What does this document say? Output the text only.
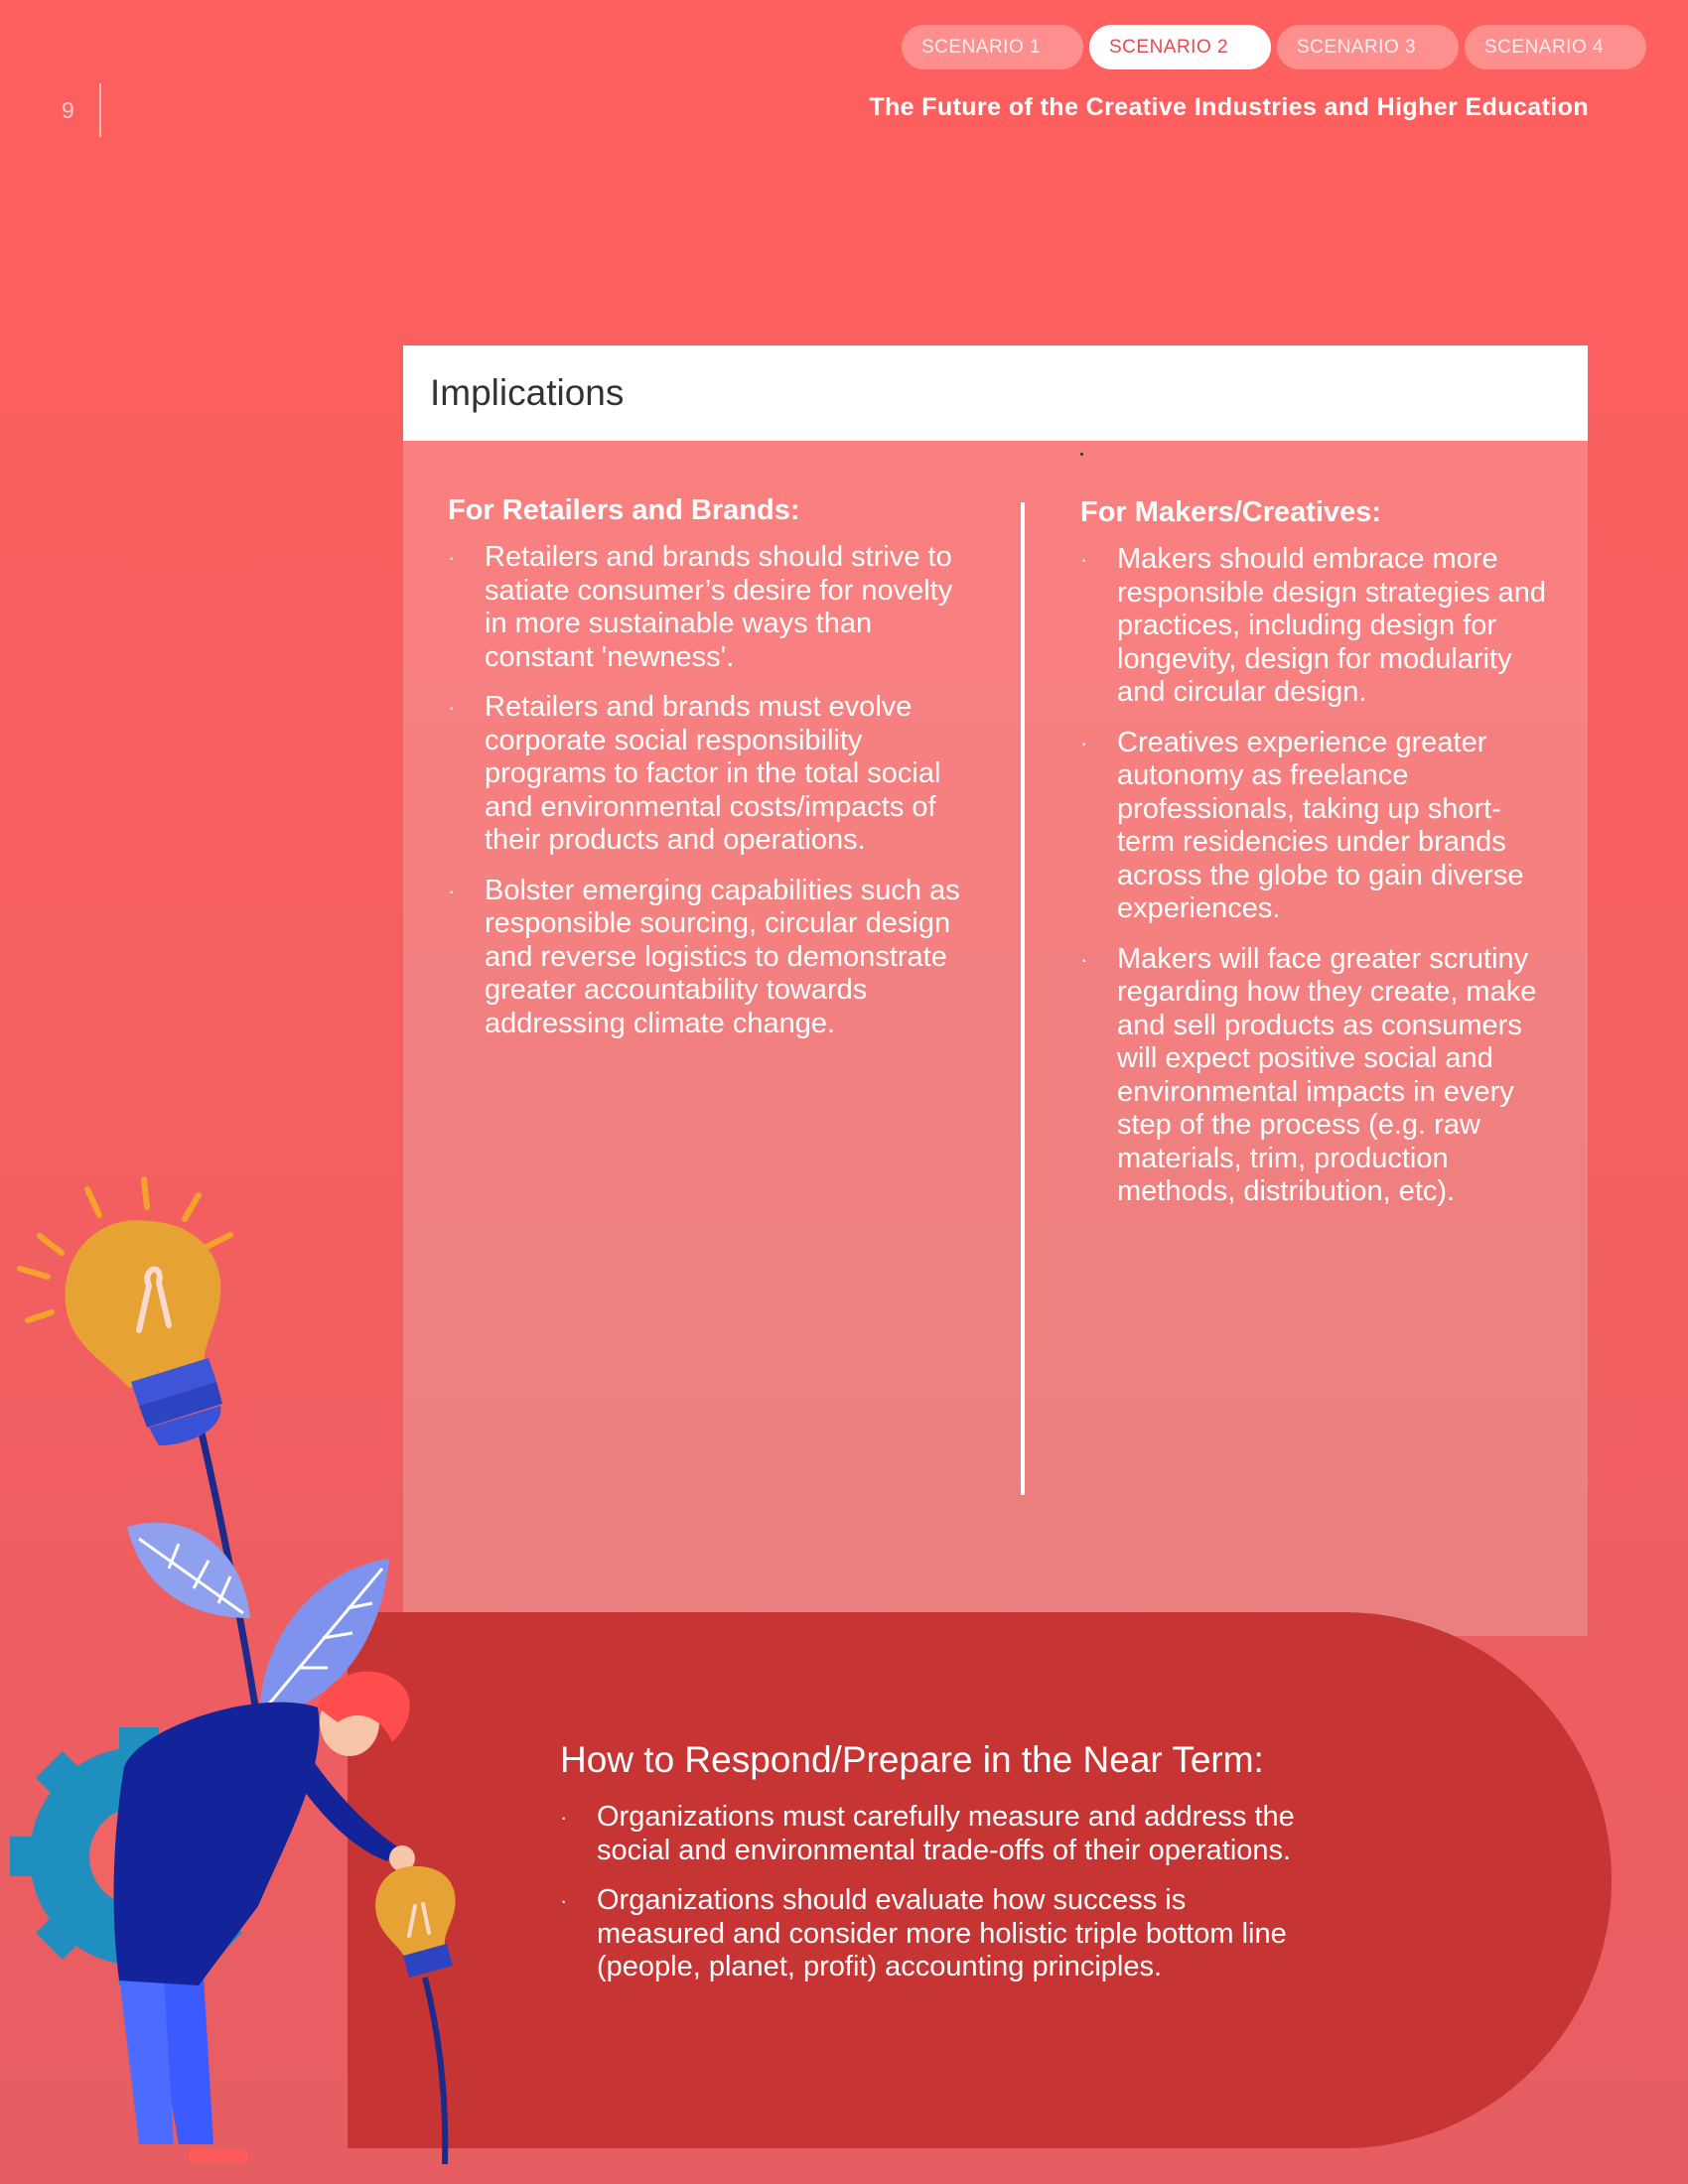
SCENARIO 1	SCENARIO 2	SCENARIO 3	SCENARIO 4
9	The Future of the Creative Industries and Higher Education
Implications
For Retailers and Brands:
· Retailers and brands should strive to satiate consumer’s desire for novelty in more sustainable ways than constant 'newness'.
· Retailers and brands must evolve corporate social responsibility programs to factor in the total social and environmental costs/impacts of their products and operations.
· Bolster emerging capabilities such as responsible sourcing, circular design and reverse logistics to demonstrate greater accountability towards addressing climate change.
For Makers/Creatives:
· Makers should embrace more responsible design strategies and practices, including design for longevity, design for modularity and circular design.
· Creatives experience greater autonomy as freelance professionals, taking up short-term residencies under brands across the globe to gain diverse experiences.
· Makers will face greater scrutiny regarding how they create, make and sell products as consumers will expect positive social and environmental impacts in every step of the process (e.g. raw materials, trim, production methods, distribution, etc).
How to Respond/Prepare in the Near Term:
· Organizations must carefully measure and address the social and environmental trade-offs of their operations.
· Organizations should evaluate how success is measured and consider more holistic triple bottom line (people, planet, profit) accounting principles.
